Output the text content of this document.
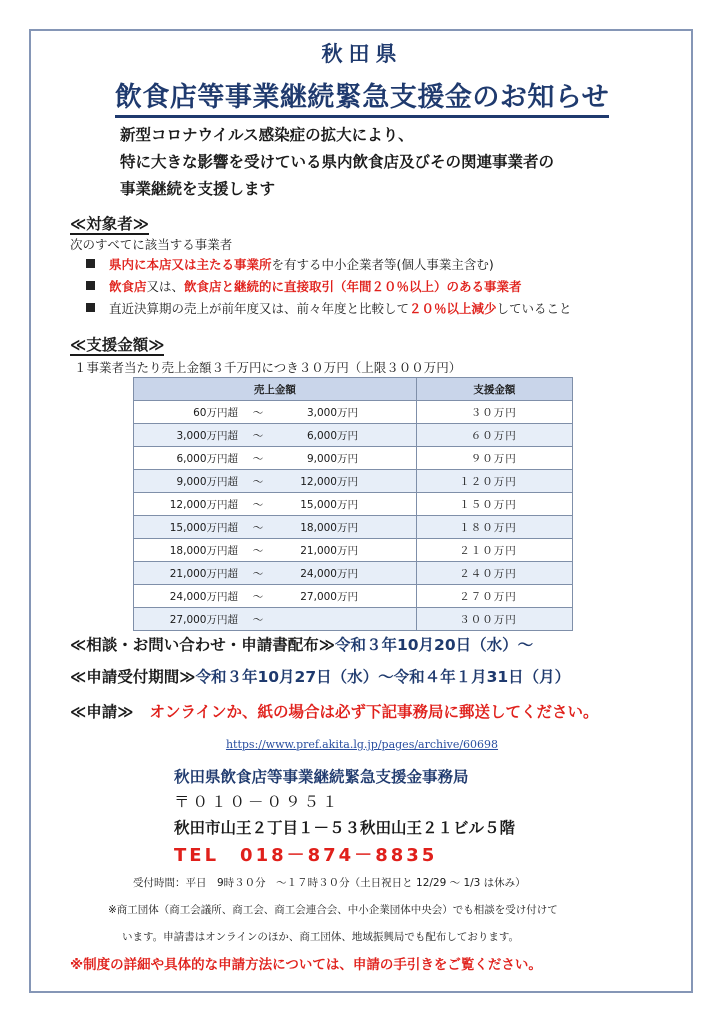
秋田県
飲食店等事業継続緊急支援金のお知らせ
新型コロナウイルス感染症の拡大により、
特に大きな影響を受けている県内飲食店及びその関連事業者の
事業継続を支援します
≪対象者≫
次のすべてに該当する事業者
県内に本店又は主たる事業所を有する中小企業者等(個人事業主含む)
飲食店又は、飲食店と継続的に直接取引（年間２０％以上）のある事業者
直近決算期の売上が前年度又は、前々年度と比較して２０％以上減少していること
≪支援金額≫
１事業者当たり売上金額３千万円につき３０万円（上限３００万円）
売上金額	支援金額
60万円超 ～ 3,000万円	３０万円
3,000万円超 ～ 6,000万円	６０万円
6,000万円超 ～ 9,000万円	９０万円
9,000万円超 ～ 12,000万円	１２０万円
12,000万円超 ～ 15,000万円	１５０万円
15,000万円超 ～ 18,000万円	１８０万円
18,000万円超 ～ 21,000万円	２１０万円
21,000万円超 ～ 24,000万円	２４０万円
24,000万円超 ～ 27,000万円	２７０万円
27,000万円超 ～	３００万円
≪相談・お問い合わせ・申請書配布≫令和３年10月20日（水）～
≪申請受付期間≫令和３年10月27日（水）～令和４年１月31日（月）
≪申請≫ オンラインか、紙の場合は必ず下記事務局に郵送してください。
https://www.pref.akita.lg.jp/pages/archive/60698
秋田県飲食店等事業継続緊急支援金事務局
〒０１０－０９５１
秋田市山王２丁目１－５３秋田山王２１ビル５階
TEL　018－874－8835
受付時間：平日　9時３０分　～１７時３０分（土日祝日と 12/29 ～ 1/3 は休み）
※商工団体（商工会議所、商工会、商工会連合会、中小企業団体中央会）でも相談を受け付けて
います。申請書はオンラインのほか、商工団体、地域振興局でも配布しております。
※制度の詳細や具体的な申請方法については、申請の手引きをご覧ください。
